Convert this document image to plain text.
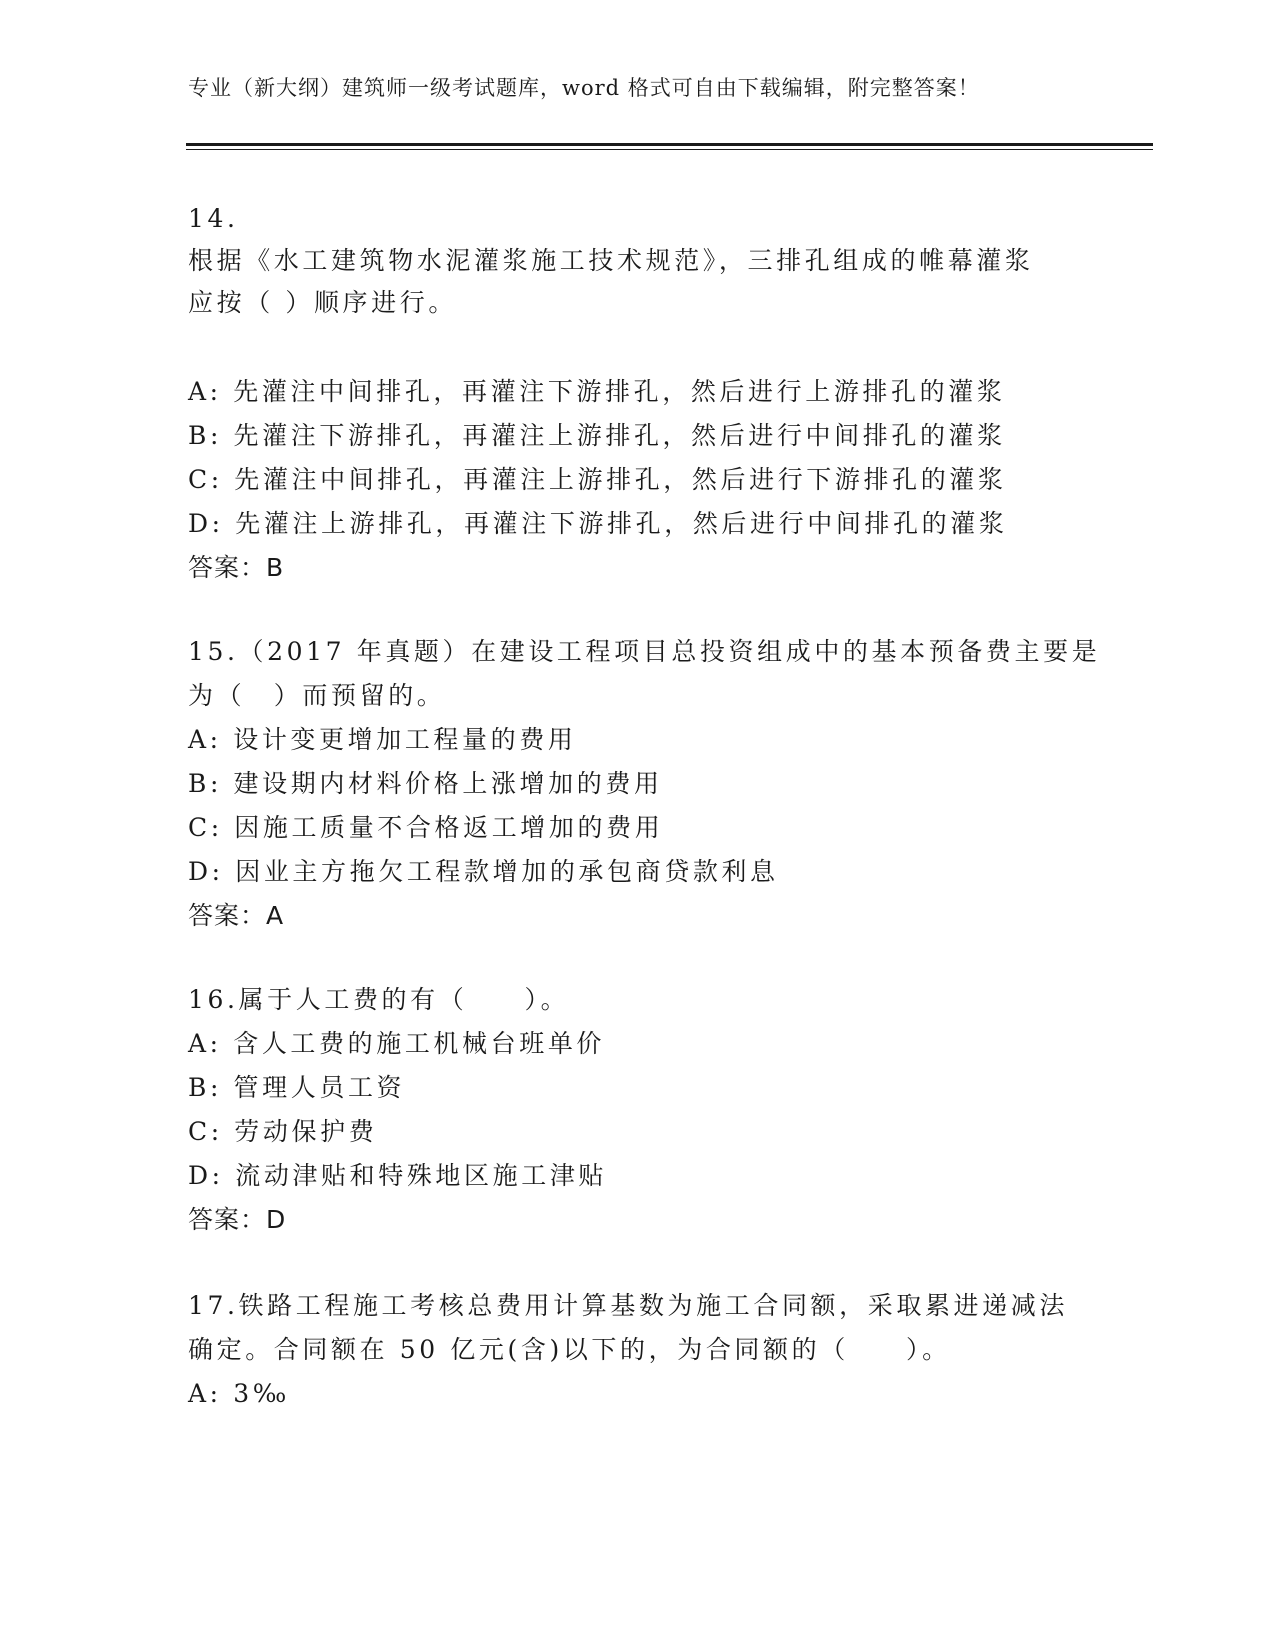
专业（新大纲）建筑师一级考试题库，word 格式可自由下载编辑，附完整答案！
14.
根据《水工建筑物水泥灌浆施工技术规范》，三排孔组成的帷幕灌浆
应按（ ）顺序进行。
A: 先灌注中间排孔，再灌注下游排孔，然后进行上游排孔的灌浆
B: 先灌注下游排孔，再灌注上游排孔，然后进行中间排孔的灌浆
C: 先灌注中间排孔，再灌注上游排孔，然后进行下游排孔的灌浆
D: 先灌注上游排孔，再灌注下游排孔，然后进行中间排孔的灌浆
答案：B
15.（2017 年真题）在建设工程项目总投资组成中的基本预备费主要是
为（　）而预留的。
A: 设计变更增加工程量的费用
B: 建设期内材料价格上涨增加的费用
C: 因施工质量不合格返工增加的费用
D: 因业主方拖欠工程款增加的承包商贷款利息
答案：A
16.属于人工费的有（　　）。
A: 含人工费的施工机械台班单价
B: 管理人员工资
C: 劳动保护费
D: 流动津贴和特殊地区施工津贴
答案：D
17.铁路工程施工考核总费用计算基数为施工合同额，采取累进递减法
确定。合同额在 50 亿元(含)以下的，为合同额的（　　）。
A: 3‰
